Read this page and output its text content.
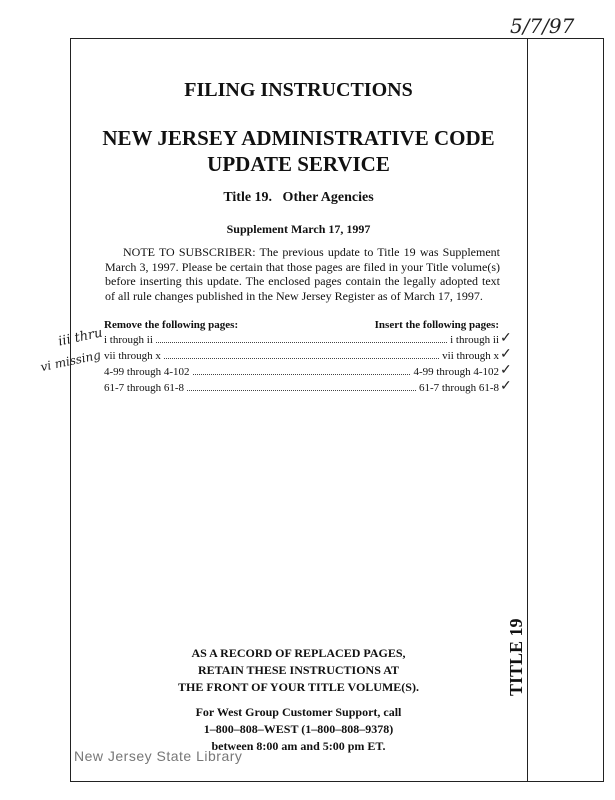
5/7/97
FILING INSTRUCTIONS
NEW JERSEY ADMINISTRATIVE CODE
UPDATE SERVICE
Title 19.   Other Agencies
Supplement March 17, 1997
NOTE TO SUBSCRIBER: The previous update to Title 19 was Supplement March 3, 1997. Please be certain that those pages are filed in your Title volume(s) before inserting this update. The enclosed pages contain the legally adopted text of all rule changes published in the New Jersey Register as of March 17, 1997.
Remove the following pages:	Insert the following pages:
i through ii	i through ii
vii through x	vii through x
4-99 through 4-102	4-99 through 4-102
61-7 through 61-8	61-7 through 61-8
✓
✓
✓
✓
iii thru
vi missing
AS A RECORD OF REPLACED PAGES,
RETAIN THESE INSTRUCTIONS AT
THE FRONT OF YOUR TITLE VOLUME(S).
For West Group Customer Support, call
1–800–808–WEST (1–800–808–9378)
between 8:00 am and 5:00 pm ET.
TITLE 19
New Jersey State Library
